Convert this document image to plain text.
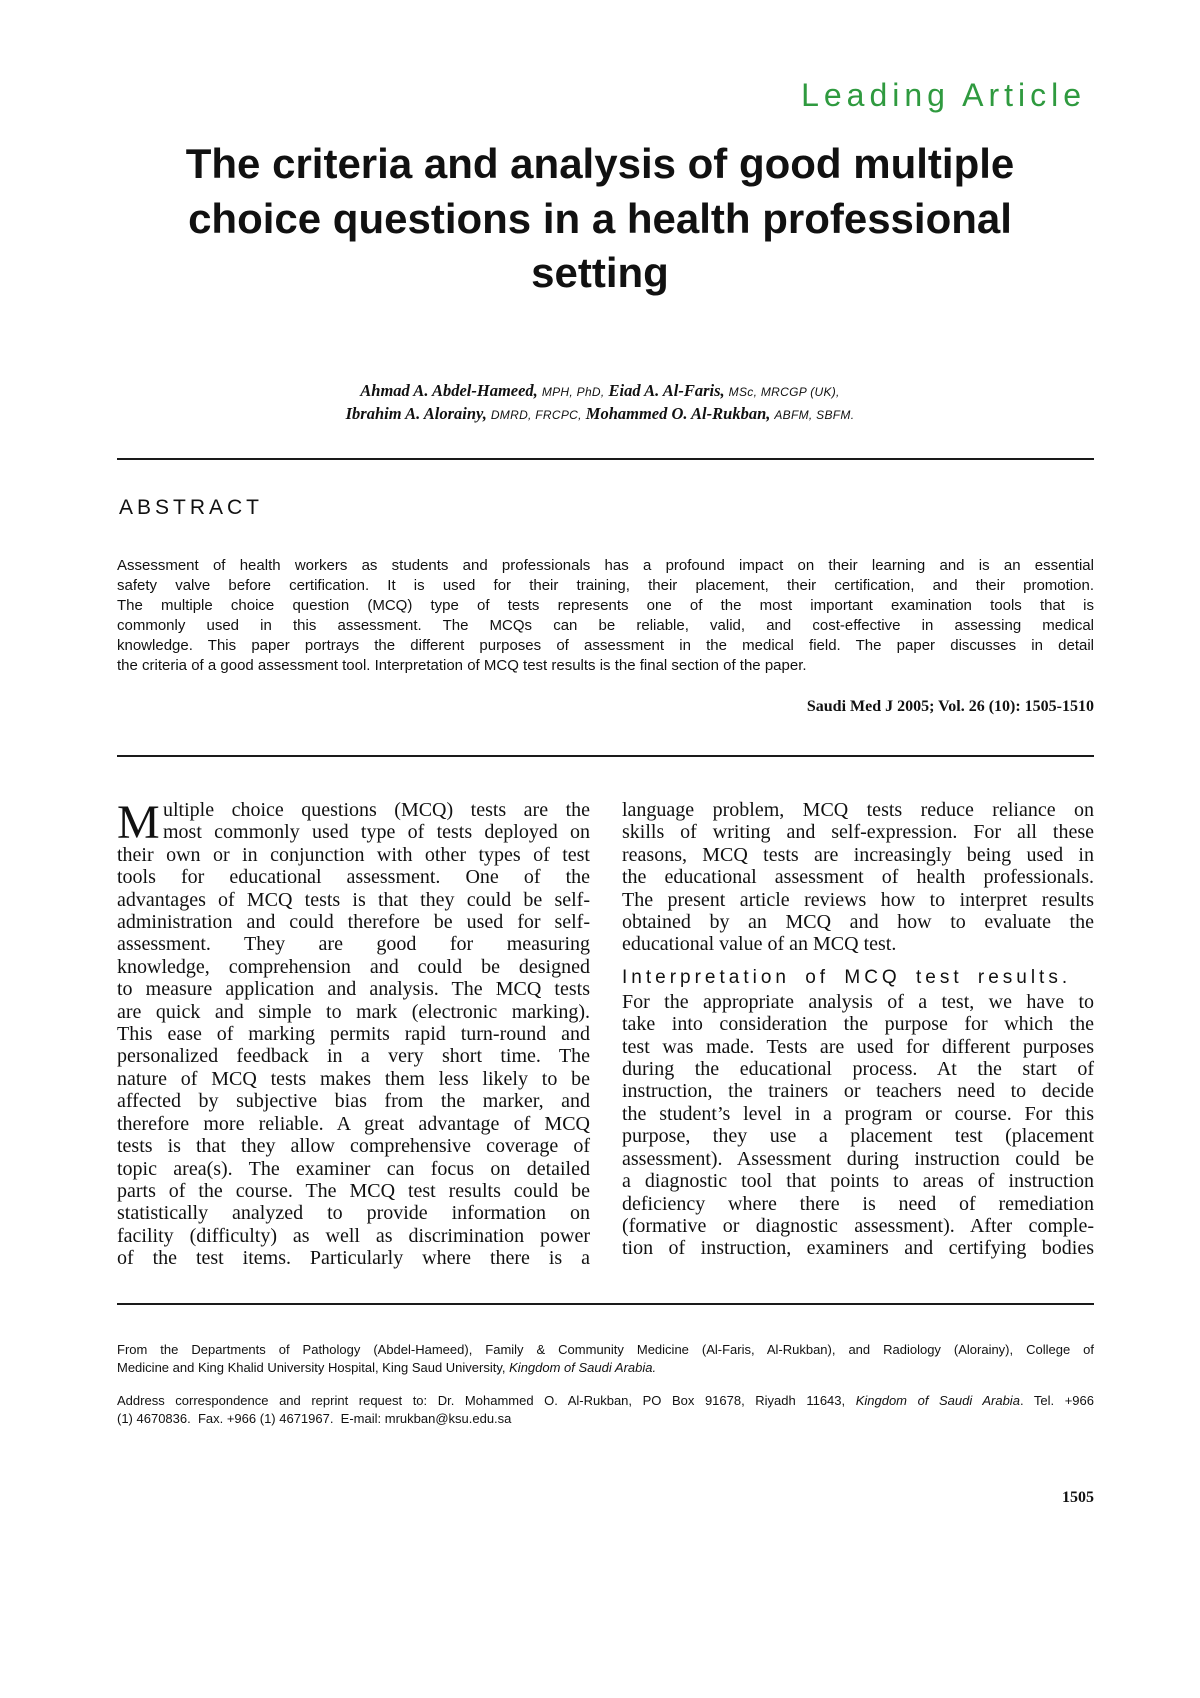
Leading Article
The criteria and analysis of good multiple
choice questions in a health professional
setting
Ahmad A. Abdel-Hameed, MPH, PhD, Eiad A. Al-Faris, MSc, MRCGP (UK),
Ibrahim A. Alorainy, DMRD, FRCPC, Mohammed O. Al-Rukban, ABFM, SBFM.
ABSTRACT
Assessment of health workers as students and professionals has a profound impact on their learning and is an essential
safety valve before certification. It is used for their training, their placement, their certification, and their promotion.
The multiple choice question (MCQ) type of tests represents one of the most important examination tools that is
commonly used in this assessment. The MCQs can be reliable, valid, and cost-effective in assessing medical
knowledge. This paper portrays the different purposes of assessment in the medical field. The paper discusses in detail
the criteria of a good assessment tool. Interpretation of MCQ test results is the final section of the paper.
Saudi Med J 2005; Vol. 26 (10): 1505-1510
M ultiple choice questions (MCQ) tests are the
most commonly used type of tests deployed on
their own or in conjunction with other types of test
tools for educational assessment. One of the
advantages of MCQ tests is that they could be self-
administration and could therefore be used for self-
assessment. They are good for measuring
knowledge, comprehension and could be designed
to measure application and analysis. The MCQ tests
are quick and simple to mark (electronic marking).
This ease of marking permits rapid turn-round and
personalized feedback in a very short time. The
nature of MCQ tests makes them less likely to be
affected by subjective bias from the marker, and
therefore more reliable. A great advantage of MCQ
tests is that they allow comprehensive coverage of
topic area(s). The examiner can focus on detailed
parts of the course. The MCQ test results could be
statistically analyzed to provide information on
facility (difficulty) as well as discrimination power
of the test items. Particularly where there is a
language problem, MCQ tests reduce reliance on
skills of writing and self-expression. For all these
reasons, MCQ tests are increasingly being used in
the educational assessment of health professionals.
The present article reviews how to interpret results
obtained by an MCQ and how to evaluate the
educational value of an MCQ test.
Interpretation of MCQ test results.
For the appropriate analysis of a test, we have to
take into consideration the purpose for which the
test was made. Tests are used for different purposes
during the educational process. At the start of
instruction, the trainers or teachers need to decide
the student’s level in a program or course. For this
purpose, they use a placement test (placement
assessment). Assessment during instruction could be
a diagnostic tool that points to areas of instruction
deficiency where there is need of remediation
(formative or diagnostic assessment). After comple-
tion of instruction, examiners and certifying bodies
From the Departments of Pathology (Abdel-Hameed), Family & Community Medicine (Al-Faris, Al-Rukban), and Radiology (Alorainy), College of
Medicine and King Khalid University Hospital, King Saud University, Kingdom of Saudi Arabia.
Address correspondence and reprint request to: Dr. Mohammed O. Al-Rukban, PO Box 91678, Riyadh 11643, Kingdom of Saudi Arabia. Tel. +966
(1) 4670836.  Fax. +966 (1) 4671967.  E-mail: mrukban@ksu.edu.sa
1505
